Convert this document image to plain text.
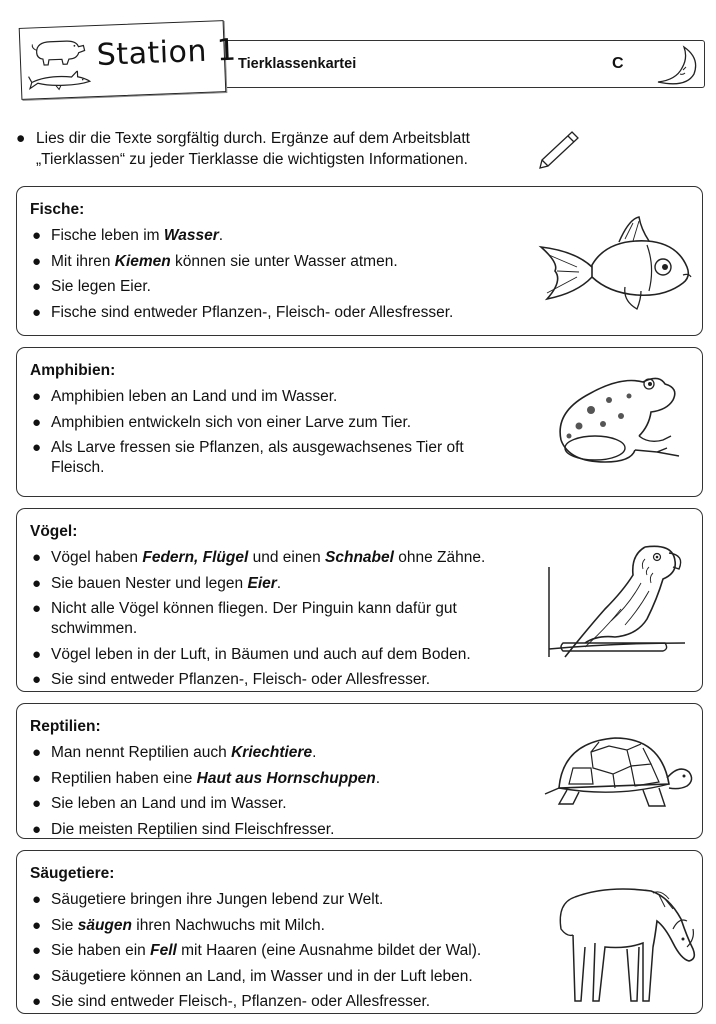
Station 1 Tierklassenkartei	C
● Lies dir die Texte sorgfältig durch. Ergänze auf dem Arbeitsblatt
„Tierklassen“ zu jeder Tierklasse die wichtigsten Informationen.
Fische:
● Fische leben im Wasser.
● Mit ihren Kiemen können sie unter Wasser atmen.
● Sie legen Eier.
● Fische sind entweder Pflanzen-, Fleisch- oder Allesfresser.
Amphibien:
● Amphibien leben an Land und im Wasser.
● Amphibien entwickeln sich von einer Larve zum Tier.
● Als Larve fressen sie Pflanzen, als ausgewachsenes Tier oft Fleisch.
Vögel:
● Vögel haben Federn, Flügel und einen Schnabel ohne Zähne.
● Sie bauen Nester und legen Eier.
● Nicht alle Vögel können fliegen. Der Pinguin kann dafür gut schwimmen.
● Vögel leben in der Luft, in Bäumen und auch auf dem Boden.
● Sie sind entweder Pflanzen-, Fleisch- oder Allesfresser.
Reptilien:
● Man nennt Reptilien auch Kriechtiere.
● Reptilien haben eine Haut aus Hornschuppen.
● Sie leben an Land und im Wasser.
● Die meisten Reptilien sind Fleischfresser.
Säugetiere:
● Säugetiere bringen ihre Jungen lebend zur Welt.
● Sie säugen ihren Nachwuchs mit Milch.
● Sie haben ein Fell mit Haaren (eine Ausnahme bildet der Wal).
● Säugetiere können an Land, im Wasser und in der Luft leben.
● Sie sind entweder Fleisch-, Pflanzen- oder Allesfresser.
